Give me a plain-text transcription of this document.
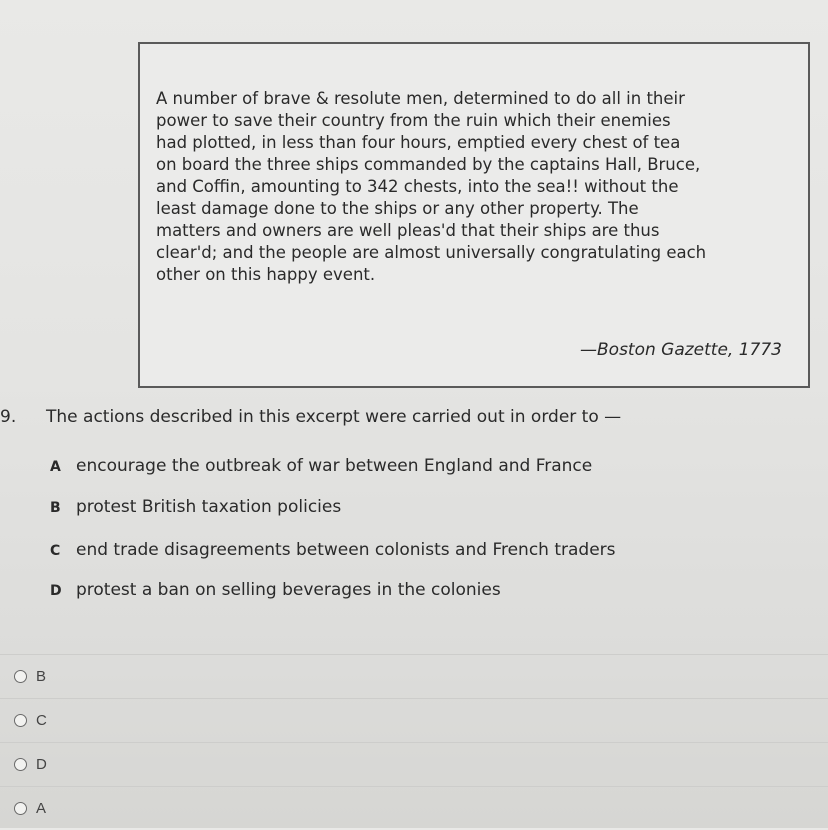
A number of brave & resolute men, determined to do all in their
power to save their country from the ruin which their enemies
had plotted, in less than four hours, emptied every chest of tea
on board the three ships commanded by the captains Hall, Bruce,
and Coffin, amounting to 342 chests, into the sea!! without the
least damage done to the ships or any other property. The
matters and owners are well pleas'd that their ships are thus
clear'd; and the people are almost universally congratulating each
other on this happy event.

—Boston Gazette, 1773
9. The actions described in this excerpt were carried out in order to —
A encourage the outbreak of war between England and France
B protest British taxation policies
C end trade disagreements between colonists and French traders
D protest a ban on selling beverages in the colonies
B
C
D
A
